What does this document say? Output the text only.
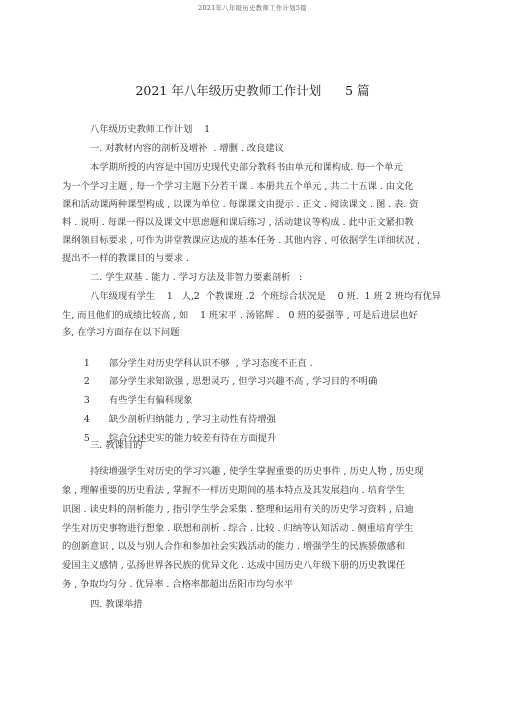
2021年八年级历史教师工作计划5篇
2021 年八年级历史教师工作计划      5 篇
八年级历史教师工作计划    1
一. 对教材内容的剖析及增补  . 增删 . 改良建议
本学期所授的内容是中国历史现代史部分教科书由单元和课构成. 每一个单元
为一个学习主题 , 每一个学习主题下分若干课 . 本册共五个单元 , 共二十五课 . 由文化
课和活动课两种课型构成 , 以课为单位 . 每课课文由提示 . 正文 . 阅读课文 . 图 . 表. 资
料 . 说明 . 每课一得以及课文中思虑题和课后练习 , 活动建议等构成 . 此中正文紧扣教
课纲领目标要求 , 可作为讲堂教课应达成的基本任务 . 其他内容 , 可依据学生详细状况 ,
提出不一样的教课目的与要求 .
二. 学生双基 . 能力 . 学习方法及非智力要素剖析   :
八年级现有学生    1   人,2  个教课班 .2  个班综合状况是    0 班.  1 班 2 班均有优异
生, 而且他们的成绩比较高 , 如    1 班宋平 . 汤铭辉 .   0 班的晏强等 , 可是后进层也好
多, 在学习方面存在以下问题

1 部分学生对历史学科认识不够  , 学习态度不正直 .

2 部分学生求知欲强 , 思想灵巧 , 但学习兴趣不高 , 学习目的不明确

3 有些学生有偏科现象

4 缺少剖析归纳能力 , 学习主动性有待增强

5 综合分述史实的能力较差有待在方面提升

三. 教课目的
持续增强学生对历史的学习兴趣 , 使学生掌握重要的历史事件 , 历史人物 , 历史现
象 , 理解重要的历史看法 , 掌握不一样历史期间的基本特点及其发展趋向 . 培育学生
识图 . 读史料的剖析能力 , 指引学生学会采集 . 整理和运用有关的历史学习资料 , 启迪
学生对历史事物进行想象 . 联想和剖析 . 综合 . 比较 . 归纳等认知活动 . 侧重培育学生
的创新意识 , 以及与别人合作和参加社会实践活动的能力 . 增强学生的民族骄傲感和
爱国主义感情 , 弘扬世界各民族的优异文化 . 达成中国历史八年级下册的历史教课任
务 , 争取均匀分 . 优异率 . 合格率都超出岳阳市均匀水平
四. 教课举措
